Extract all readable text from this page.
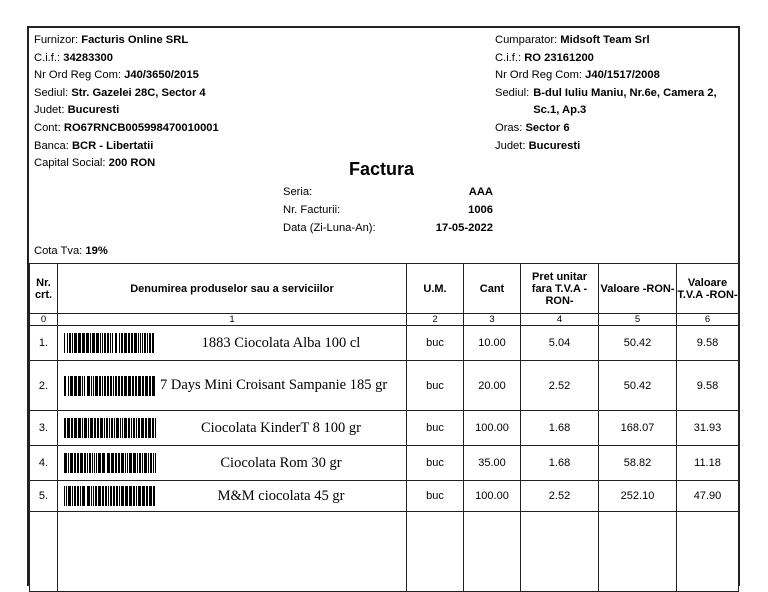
Furnizor: Facturis Online SRL
C.i.f.: 34283300
Nr Ord Reg Com: J40/3650/2015
Sediul: Str. Gazelei 28C, Sector 4
Judet: Bucuresti
Cont: RO67RNCB005998470010001
Banca: BCR - Libertatii
Capital Social: 200 RON
Cumparator: Midsoft Team Srl
C.i.f.: RO 23161200
Nr Ord Reg Com: J40/1517/2008
Sediul: B-dul Iuliu Maniu, Nr.6e, Camera 2, Sc.1, Ap.3
Oras: Sector 6
Judet: Bucuresti
Factura
Seria:	AAA
Nr. Facturii:	1006
Data (Zi-Luna-An):	17-05-2022
Cota Tva: 19%
Nr. crt.	Denumirea produselor sau a serviciilor	U.M.	Cant	Pret unitar fara T.V.A -RON-	Valoare -RON-	Valoare T.V.A -RON-
0	1	2	3	4	5	6
1.	1883 Ciocolata Alba 100 cl	buc	10.00	5.04	50.42	9.58
2.	7 Days Mini Croisant Sampanie 185 gr	buc	20.00	2.52	50.42	9.58
3.	Ciocolata KinderT 8 100 gr	buc	100.00	1.68	168.07	31.93
4.	Ciocolata Rom 30 gr	buc	35.00	1.68	58.82	11.18
5.	M&M ciocolata 45 gr	buc	100.00	2.52	252.10	47.90
